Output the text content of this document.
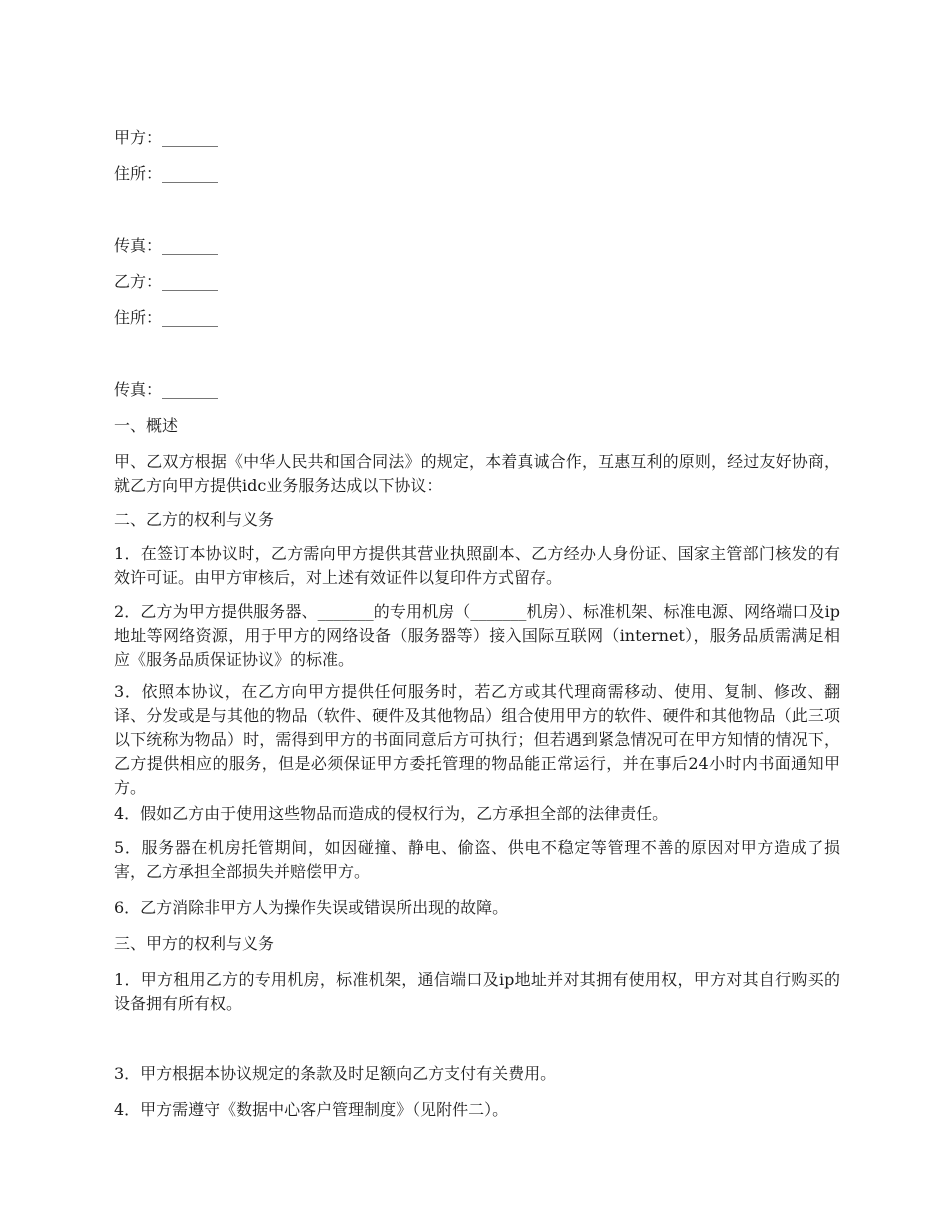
甲方：_______
住所：_______
传真：_______
乙方：_______
住所：_______
传真：_______
一、概述
甲、乙双方根据《中华人民共和国合同法》的规定，本着真诚合作，互惠互利的原则，经过友好协商，就乙方向甲方提供idc业务服务达成以下协议：
二、乙方的权利与义务
1．在签订本协议时，乙方需向甲方提供其营业执照副本、乙方经办人身份证、国家主管部门核发的有效许可证。由甲方审核后，对上述有效证件以复印件方式留存。
2．乙方为甲方提供服务器、_______的专用机房（_______机房）、标准机架、标准电源、网络端口及ip地址等网络资源，用于甲方的网络设备（服务器等）接入国际互联网（internet），服务品质需满足相应《服务品质保证协议》的标准。
3．依照本协议，在乙方向甲方提供任何服务时，若乙方或其代理商需移动、使用、复制、修改、翻译、分发或是与其他的物品（软件、硬件及其他物品）组合使用甲方的软件、硬件和其他物品（此三项以下统称为物品）时，需得到甲方的书面同意后方可执行；但若遇到紧急情况可在甲方知情的情况下，乙方提供相应的服务，但是必须保证甲方委托管理的物品能正常运行，并在事后24小时内书面通知甲方。
4．假如乙方由于使用这些物品而造成的侵权行为，乙方承担全部的法律责任。
5．服务器在机房托管期间，如因碰撞、静电、偷盗、供电不稳定等管理不善的原因对甲方造成了损害，乙方承担全部损失并赔偿甲方。
6．乙方消除非甲方人为操作失误或错误所出现的故障。
三、甲方的权利与义务
1．甲方租用乙方的专用机房，标准机架，通信端口及ip地址并对其拥有使用权，甲方对其自行购买的设备拥有所有权。
3．甲方根据本协议规定的条款及时足额向乙方支付有关费用。
4．甲方需遵守《数据中心客户管理制度》（见附件二）。
